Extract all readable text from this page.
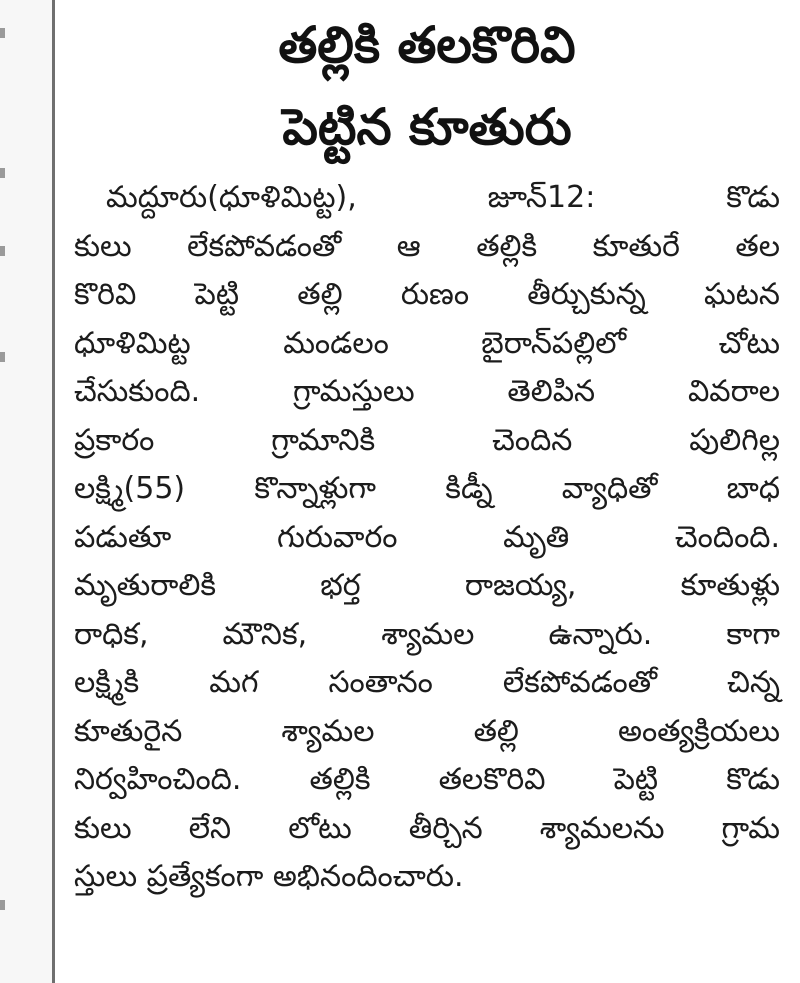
తల్లికి తలకొరివి
పెట్టిన కూతురు
మద్దూరు(ధూళిమిట్ట), జూన్12: కొడు
కులు లేకపోవడంతో ఆ తల్లికి కూతురే తల
కొరివి పెట్టి తల్లి రుణం తీర్చుకున్న ఘటన
ధూళిమిట్ట మండలం బైరాన్‌పల్లిలో చోటు
చేసుకుంది. గ్రామస్తులు తెలిపిన వివరాల
ప్రకారం గ్రామానికి చెందిన పులిగిల్ల
లక్ష్మి(55) కొన్నాళ్లుగా కిడ్నీ వ్యాధితో బాధ
పడుతూ గురువారం మృతి చెందింది.
మృతురాలికి భర్త రాజయ్య, కూతుళ్లు
రాధిక, మౌనిక, శ్యామల ఉన్నారు. కాగా
లక్ష్మికి మగ సంతానం లేకపోవడంతో చిన్న
కూతురైన శ్యామల తల్లి అంత్యక్రియలు
నిర్వహించింది. తల్లికి తలకొరివి పెట్టి కొడు
కులు లేని లోటు తీర్చిన శ్యామలను గ్రామ
స్తులు ప్రత్యేకంగా అభినందించారు.
